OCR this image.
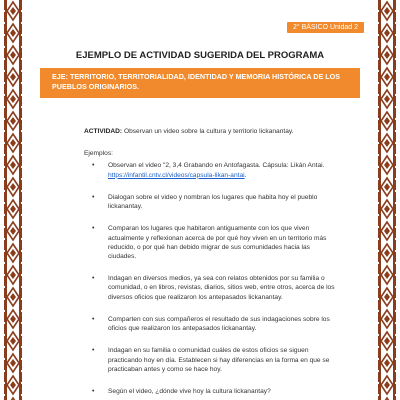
2° BÁSICO Unidad 2
EJEMPLO DE ACTIVIDAD SUGERIDA DEL PROGRAMA
EJE: TERRITORIO, TERRITORIALIDAD, IDENTIDAD Y MEMORIA HISTÓRICA DE LOS PUEBLOS ORIGINARIOS.

ACTIVIDAD: Observan un video sobre la cultura y territorio lickanantay.

Ejemplos:

• Observan el video "2, 3,4 Grabando en Antofagasta. Cápsula: Likán Antai. https://infantil.cntv.cl/videos/capsula-likan-antai.
• Dialogan sobre el video y nombran los lugares que habita hoy el pueblo lickanantay.
• Comparan los lugares que habitaron antiguamente con los que viven actualmente y reflexionan acerca de por qué hoy viven en un territorio más reducido, o por qué han debido migrar de sus comunidades hacia las ciudades.
• Indagan en diversos medios, ya sea con relatos obtenidos por su familia o comunidad, o en libros, revistas, diarios, sitios web, entre otros, acerca de los diversos oficios que realizaron los antepasados lickanantay.
• Comparten con sus compañeros el resultado de sus indagaciones sobre los oficios que realizaron los antepasados lickanantay.
• Indagan en su familia o comunidad cuáles de estos oficios se siguen practicando hoy en día. Establecen si hay diferencias en la forma en que se practicaban antes y como se hace hoy.
• Según el video, ¿dónde vive hoy la cultura lickanantay?
